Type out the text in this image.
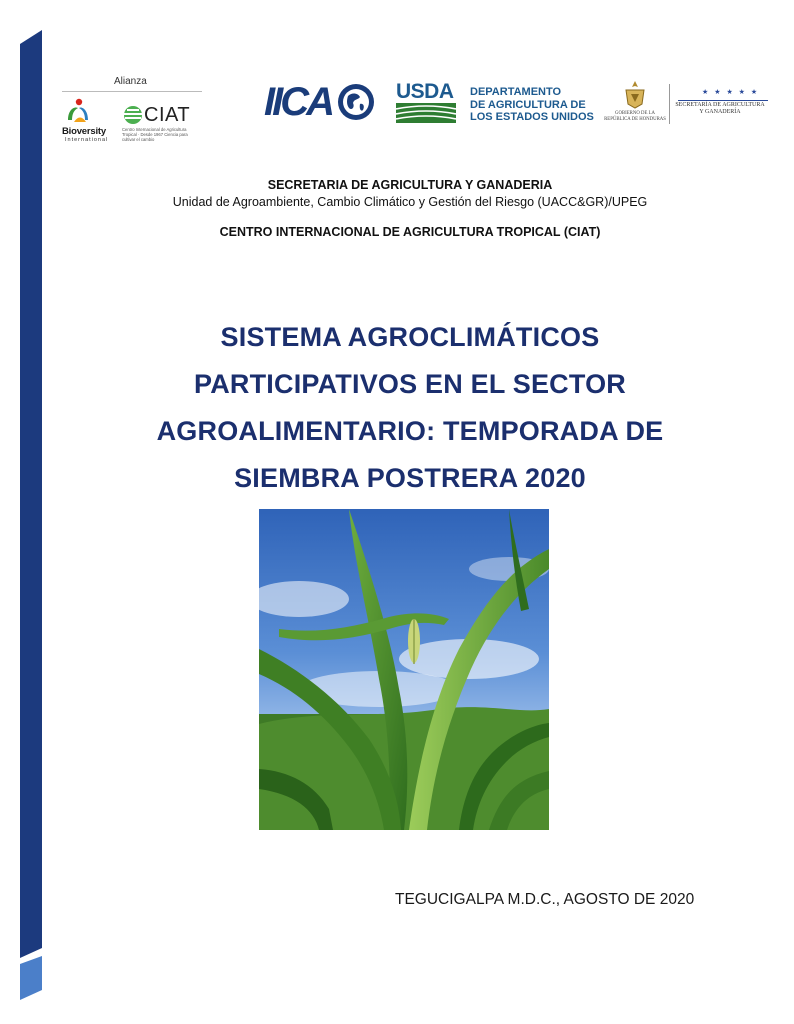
Alianza
Bioversity
International
CIAT
Centro Internacional de Agricultura Tropical · Desde 1967 Ciencia para cultivar el cambio
IICA	USDA DEPARTAMENTO
DE AGRICULTURA DE
LOS ESTADOS UNIDOS	GOBIERNO DE LA
REPÚBLICA DE HONDURAS
★ ★ ★ ★ ★
SECRETARÍA DE AGRICULTURA
Y GANADERÍA
SECRETARIA DE AGRICULTURA Y GANADERIA
Unidad de Agroambiente, Cambio Climático y Gestión del Riesgo (UACC&GR)/UPEG
CENTRO INTERNACIONAL DE AGRICULTURA TROPICAL (CIAT)
SISTEMA AGROCLIMÁTICOS
PARTICIPATIVOS EN EL SECTOR
AGROALIMENTARIO: TEMPORADA DE
SIEMBRA POSTRERA 2020
TEGUCIGALPA M.D.C., AGOSTO DE 2020
